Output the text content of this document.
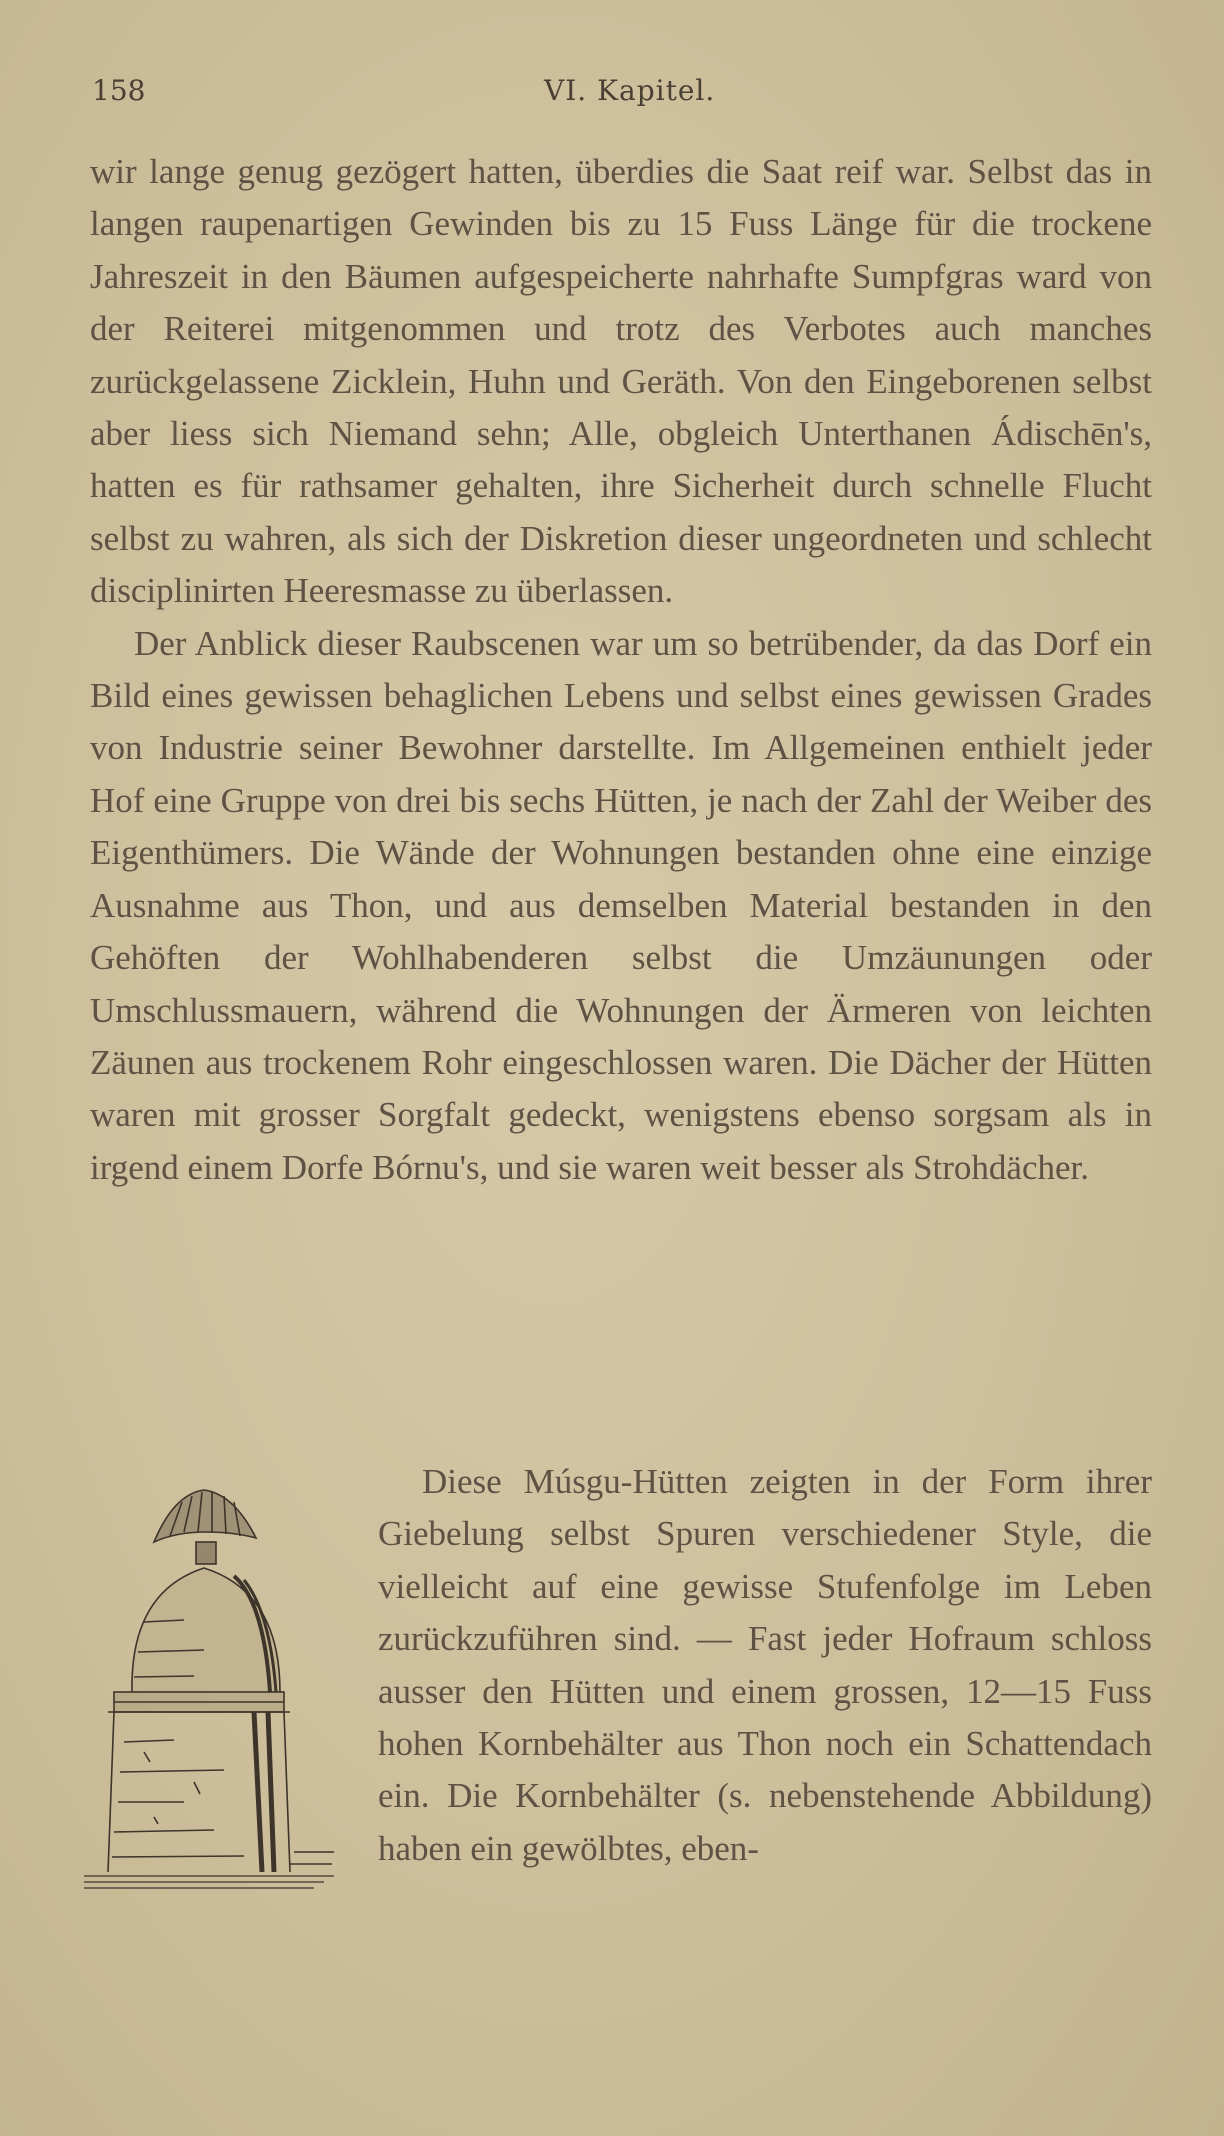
158	VI. Kapitel.

wir lange genug gezögert hatten, überdies die Saat reif war. Selbst das in langen raupenartigen Gewinden bis zu 15 Fuss Länge für die trockene Jahreszeit in den Bäumen aufgespeicherte nahrhafte Sumpfgras ward von der Reiterei mitgenommen und trotz des Verbotes auch manches zurückgelassene Zicklein, Huhn und Geräth. Von den Eingeborenen selbst aber liess sich Niemand sehn; Alle, obgleich Unterthanen Ádischēn's, hatten es für rathsamer gehalten, ihre Sicherheit durch schnelle Flucht selbst zu wahren, als sich der Diskretion dieser ungeordneten und schlecht disciplinirten Heeresmasse zu überlassen.

Der Anblick dieser Raubscenen war um so betrübender, da das Dorf ein Bild eines gewissen behaglichen Lebens und selbst eines gewissen Grades von Industrie seiner Bewohner darstellte. Im Allgemeinen enthielt jeder Hof eine Gruppe von drei bis sechs Hütten, je nach der Zahl der Weiber des Eigenthümers. Die Wände der Wohnungen bestanden ohne eine einzige Ausnahme aus Thon, und aus demselben Material bestanden in den Gehöften der Wohlhabenderen selbst die Umzäunungen oder Umschlussmauern, während die Wohnungen der Ärmeren von leichten Zäunen aus trockenem Rohr eingeschlossen waren. Die Dächer der Hütten waren mit grosser Sorgfalt gedeckt, wenigstens ebenso sorgsam als in irgend einem Dorfe Bórnu's, und sie waren weit besser als Strohdächer.

Diese Músgu-Hütten zeigten in der Form ihrer Giebelung selbst Spuren verschiedener Style, die vielleicht auf eine gewisse Stufenfolge im Leben zurückzuführen sind. — Fast jeder Hofraum schloss ausser den Hütten und einem grossen, 12—15 Fuss hohen Kornbehälter aus Thon noch ein Schattendach ein. Die Kornbehälter (s. nebenstehende Abbildung) haben ein gewölbtes, eben-
